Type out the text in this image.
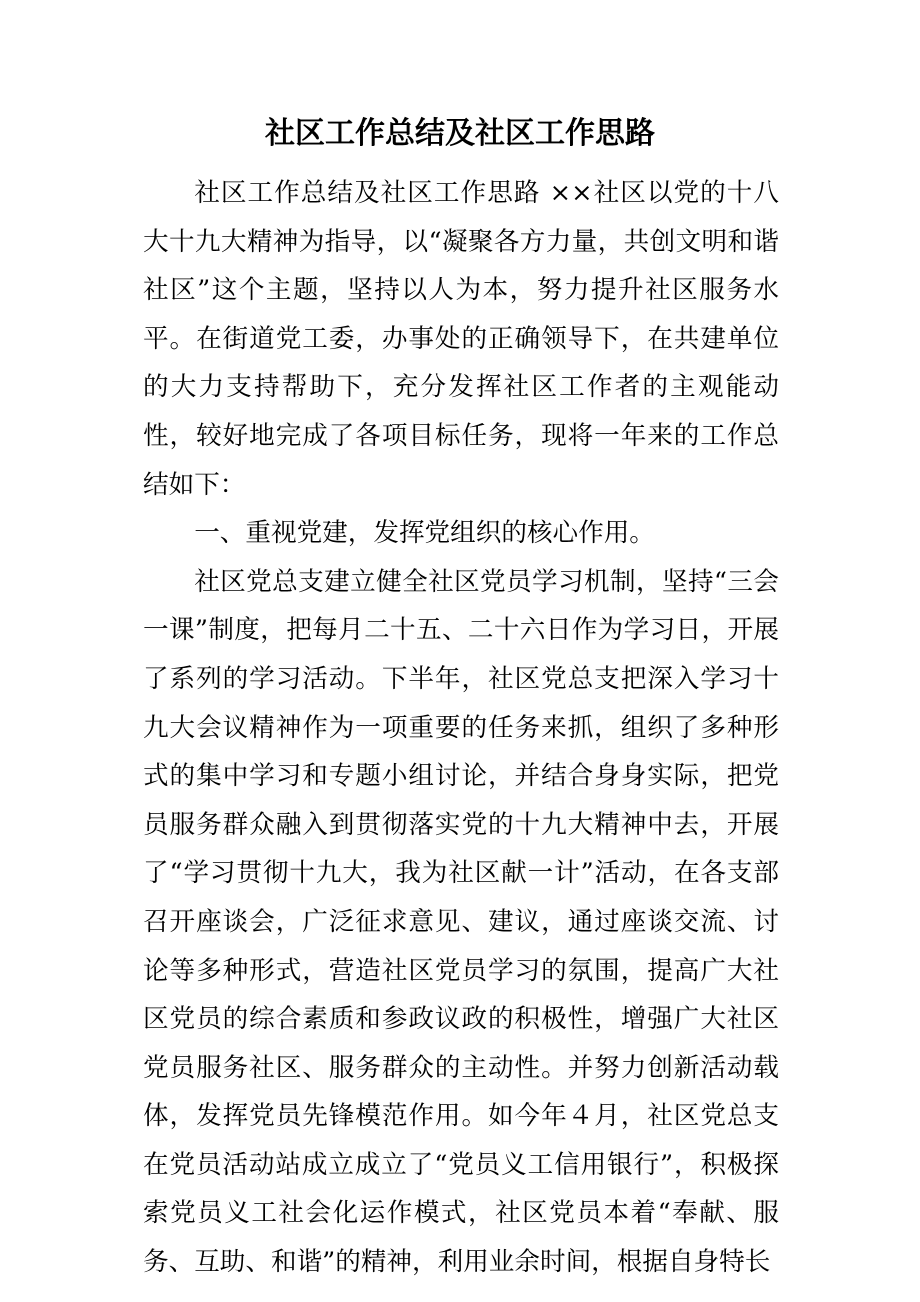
社区工作总结及社区工作思路

社区工作总结及社区工作思路 ××社区以党的十八大十九大精神为指导，以“凝聚各方力量，共创文明和谐社区”这个主题，坚持以人为本，努力提升社区服务水平。在街道党工委，办事处的正确领导下，在共建单位的大力支持帮助下，充分发挥社区工作者的主观能动性，较好地完成了各项目标任务，现将一年来的工作总结如下：

一、重视党建，发挥党组织的核心作用。

社区党总支建立健全社区党员学习机制，坚持“三会一课”制度，把每月二十五、二十六日作为学习日，开展了系列的学习活动。下半年，社区党总支把深入学习十九大会议精神作为一项重要的任务来抓，组织了多种形式的集中学习和专题小组讨论，并结合身身实际，把党员服务群众融入到贯彻落实党的十九大精神中去，开展了“学习贯彻十九大，我为社区献一计”活动，在各支部召开座谈会，广泛征求意见、建议，通过座谈交流、讨论等多种形式，营造社区党员学习的氛围，提高广大社区党员的综合素质和参政议政的积极性，增强广大社区党员服务社区、服务群众的主动性。并努力创新活动载体，发挥党员先锋模范作用。如今年４月，社区党总支在党员活动站成立成立了“党员义工信用银行”，积极探索党员义工社会化运作模式，社区党员本着“奉献、服务、互助、和谐”的精神，利用业余时间，根据自身特长
